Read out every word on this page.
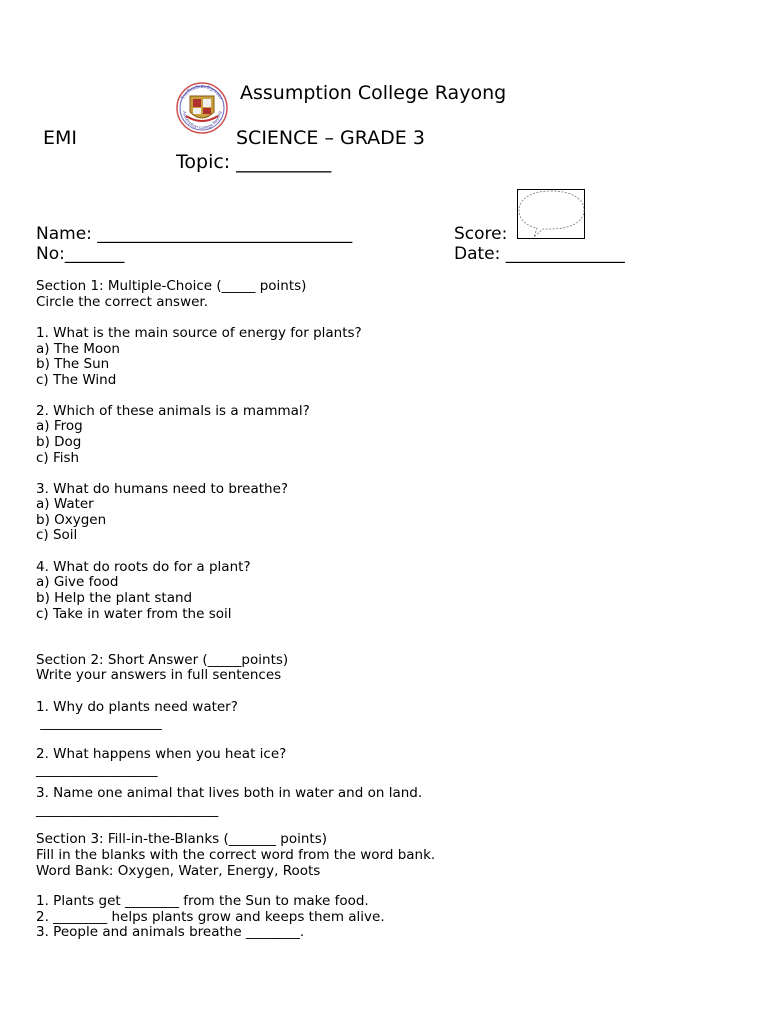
โรงเรียนอัสสัมชัญระยอง
Assumption College Rayong
Assumption College Rayong
EMI	SCIENCE – GRADE 3
Topic: __________
Name: ______________________________
No:_______
Score:
Date: ______________
Section 1: Multiple-Choice (_____ points)
Circle the correct answer.
1. What is the main source of energy for plants?
a) The Moon
b) The Sun
c) The Wind
2. Which of these animals is a mammal?
a) Frog
b) Dog
c) Fish
3. What do humans need to breathe?
a) Water
b) Oxygen
c) Soil
4. What do roots do for a plant?
a) Give food
b) Help the plant stand
c) Take in water from the soil
Section 2: Short Answer (_____points)
Write your answers in full sentences
1. Why do plants need water?
__________________
2. What happens when you heat ice?
__________________
3. Name one animal that lives both in water and on land.
___________________________
Section 3: Fill-in-the-Blanks (_______ points)
Fill in the blanks with the correct word from the word bank.
Word Bank: Oxygen, Water, Energy, Roots
1. Plants get ________ from the Sun to make food.
2. ________ helps plants grow and keeps them alive.
3. People and animals breathe ________.
